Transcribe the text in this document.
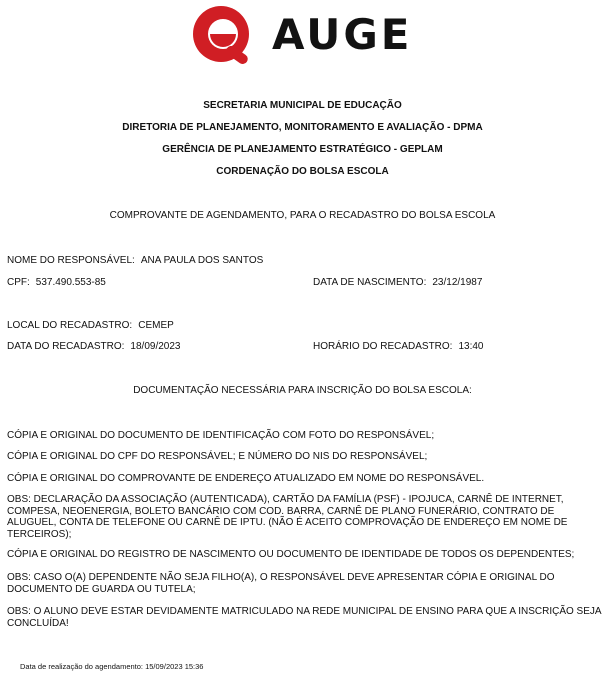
AUGE
SECRETARIA MUNICIPAL DE EDUCAÇÃO
DIRETORIA DE PLANEJAMENTO, MONITORAMENTO E AVALIAÇÃO - DPMA
GERÊNCIA DE PLANEJAMENTO ESTRATÉGICO - GEPLAM
CORDENAÇÃO DO BOLSA ESCOLA
COMPROVANTE DE AGENDAMENTO, PARA O RECADASTRO DO BOLSA ESCOLA
NOME DO RESPONSÁVEL: ANA PAULA DOS SANTOS
CPF: 537.490.553-85	DATA DE NASCIMENTO: 23/12/1987
LOCAL DO RECADASTRO: CEMEP
DATA DO RECADASTRO: 18/09/2023	HORÁRIO DO RECADASTRO: 13:40
DOCUMENTAÇÃO NECESSÁRIA PARA INSCRIÇÃO DO BOLSA ESCOLA:
CÓPIA E ORIGINAL DO DOCUMENTO DE IDENTIFICAÇÃO COM FOTO DO RESPONSÁVEL;
CÓPIA E ORIGINAL DO CPF DO RESPONSÁVEL; E NÚMERO DO NIS DO RESPONSÁVEL;
CÓPIA E ORIGINAL DO COMPROVANTE DE ENDEREÇO ATUALIZADO EM NOME DO RESPONSÁVEL.
OBS: DECLARAÇÃO DA ASSOCIAÇÃO (AUTENTICADA), CARTÃO DA FAMÍLIA (PSF) - IPOJUCA, CARNÊ DE INTERNET, COMPESA, NEOENERGIA, BOLETO BANCÁRIO COM COD. BARRA, CARNÊ DE PLANO FUNERÁRIO, CONTRATO DE ALUGUEL, CONTA DE TELEFONE OU CARNÊ DE IPTU. (NÃO É ACEITO COMPROVAÇÃO DE ENDEREÇO EM NOME DE TERCEIROS);
CÓPIA E ORIGINAL DO REGISTRO DE NASCIMENTO OU DOCUMENTO DE IDENTIDADE DE TODOS OS DEPENDENTES;
OBS: CASO O(A) DEPENDENTE NÃO SEJA FILHO(A), O RESPONSÁVEL DEVE APRESENTAR CÓPIA E ORIGINAL DO DOCUMENTO DE GUARDA OU TUTELA;
OBS: O ALUNO DEVE ESTAR DEVIDAMENTE MATRICULADO NA REDE MUNICIPAL DE ENSINO PARA QUE A INSCRIÇÃO SEJA CONCLUÍDA!
Data de realização do agendamento: 15/09/2023 15:36
